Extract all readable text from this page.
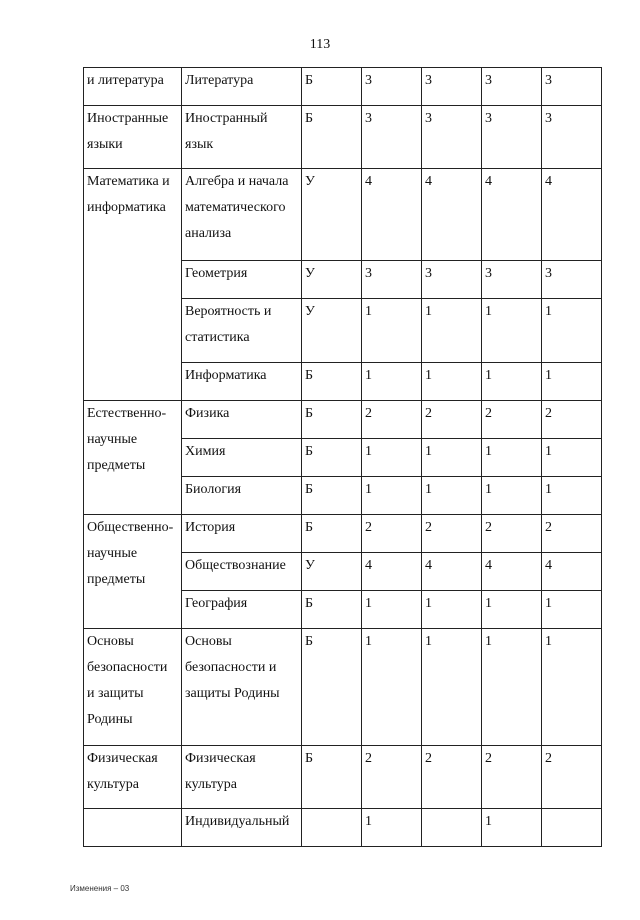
113
и литература	Литература	Б	3	3	3	3
Иностранные языки	Иностранный язык	Б	3	3	3	3
Математика и информатика	Алгебра и начала математического анализа	У	4	4	4	4
	Геометрия	У	3	3	3	3
	Вероятность и статистика	У	1	1	1	1
	Информатика	Б	1	1	1	1
Естественно-научные предметы	Физика	Б	2	2	2	2
	Химия	Б	1	1	1	1
	Биология	Б	1	1	1	1
Общественно-научные предметы	История	Б	2	2	2	2
	Обществознание	У	4	4	4	4
	География	Б	1	1	1	1
Основы безопасности и защиты Родины	Основы безопасности и защиты Родины	Б	1	1	1	1
Физическая культура	Физическая культура	Б	2	2	2	2
	Индивидуальный		1		1	
Изменения – 03
